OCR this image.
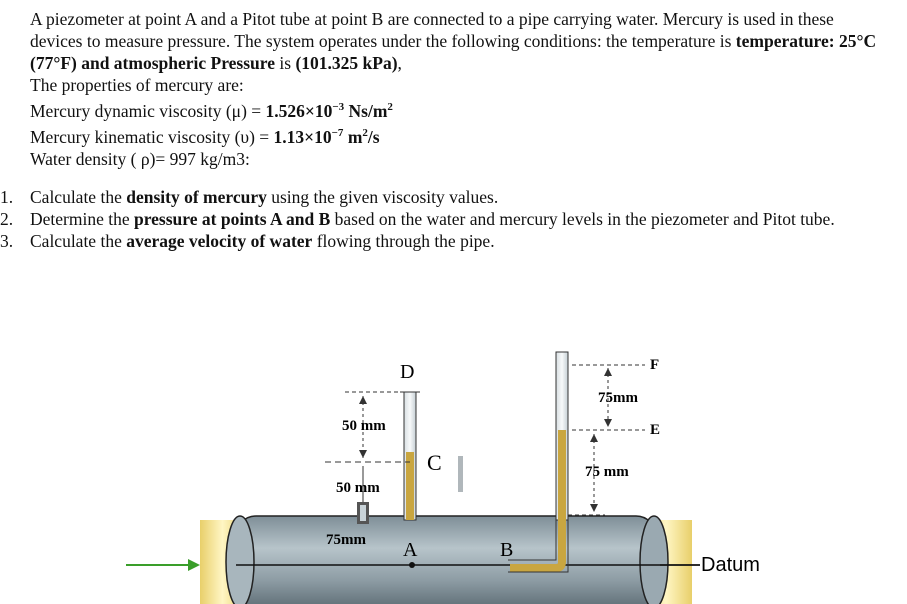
A piezometer at point A and a Pitot tube at point B are connected to a pipe carrying water. Mercury is used in these devices to measure pressure. The system operates under the following conditions: the temperature is temperature: 25°C (77°F) and atmospheric Pressure is (101.325 kPa),

The properties of mercury are:

Mercury dynamic viscosity $(\mu) = 1.526\times 10^{-3}$ $Ns/m^2$

Mercury kinematic viscosity $(\upsilon) = 1.13\times 10^{-7}$ $m^2/s$

Water density ( ρ)= 997 kg/m3:

1. Calculate the density of mercury using the given viscosity values.
2. Determine the pressure at points A and B based on the water and mercury levels in the piezometer and Pitot tube.
3. Calculate the average velocity of water flowing through the pipe.
D
C
A	B
F
E
50 mm
50 mm
75mm
75mm
75 mm
Datum
